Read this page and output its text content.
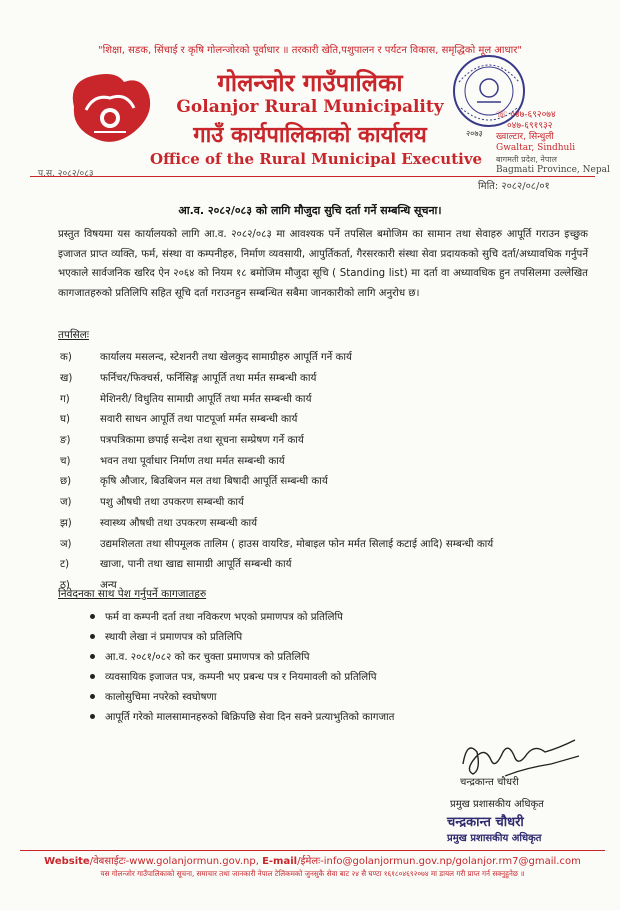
"शिक्षा, सडक, सिंचाई र कृषि गोलन्जोरको पूर्वाधार ॥ तरकारी खेति,पशुपालन र पर्यटन विकास, समृद्धिको मूल आधार"
गोलन्जोर गाउँपालिका
Golanjor Rural Municipality
गाउँ कार्यपालिकाको कार्यालय
Office of the Rural Municipal Executive
२०७३
☏ ०४७-६९२०७४
०४७-६९१९३२
ख्वाल्टार, सिन्धुली
Gwaltar, Sindhuli
बागमती प्रदेश, नेपाल
Bagmati Province, Nepal
प.स. २०८२/०८३
मिति: २०८२/०८/०१
आ.व. २०८२/०८३ को लागि मौजुदा सुचि दर्ता गर्ने सम्बन्धि सूचना।
प्रस्तुत विषयमा यस कार्यालयको लागि आ.व. २०८२/०८३ मा आवश्यक पर्ने तपसिल बमोजिम का सामान तथा सेवाहरु आपूर्ति गराउन इच्छुक इजाजत प्राप्त व्यक्ति, फर्म, संस्था वा कम्पनीहरु, निर्माण व्यवसायी, आपुर्तिकर्ता, गैरसरकारी संस्था सेवा प्रदायकको सुचि दर्ता/अध्यावधिक गर्नुपर्ने भएकाले सार्वजनिक खरिद ऐन २०६४ को नियम १८ बमोजिम मौजुदा सूचि ( Standing list) मा दर्ता वा अध्यावधिक हुन तपसिलमा उल्लेखित कागजातहरुको प्रतिलिपि सहित सूचि दर्ता गराउनहुन सम्बन्धित सबैमा जानकारीको लागि अनुरोध छ।
तपसिलः
क)	कार्यालय मसलन्द, स्टेशनरी तथा खेलकुद सामाग्रीहरु आपूर्ति गर्ने कार्य
ख)	फर्निचर/फिक्चर्स, फर्निसिङ्ग आपूर्ति तथा मर्मत सम्बन्धी कार्य
ग)	मेशिनरी/ विधुतिय सामाग्री आपूर्ति तथा मर्मत सम्बन्धी कार्य
घ)	सवारी साधन आपूर्ति तथा पाटपूर्जा मर्मत सम्बन्धी कार्य
ङ)	पत्रपत्रिकामा छपाई सन्देश तथा सूचना सम्प्रेषण गर्ने कार्य
च)	भवन तथा पूर्वाधार निर्माण तथा मर्मत सम्बन्धी कार्य
छ)	कृषि औजार, बिउबिजन मल तथा बिषादी आपूर्ति सम्बन्धी कार्य
ज)	पशु औषधी तथा उपकरण सम्बन्धी कार्य
झ)	स्वास्थ्य औषधी तथा उपकरण सम्बन्धी कार्य
ञ)	उद्यमशिलता तथा सीपमूलक तालिम ( हाउस वायरिङ, मोबाइल फोन मर्मत सिलाई कटाई आदि) सम्बन्धी कार्य
ट)	खाजा, पानी तथा खाद्य सामाग्री आपूर्ति सम्बन्धी कार्य
ठ)	अन्य
निवेदनका साथ पेश गर्नुपर्ने कागजातहरु
फर्म वा कम्पनी दर्ता तथा नविकरण भएको प्रमाणपत्र को प्रतिलिपि
स्थायी लेखा नं प्रमाणपत्र को प्रतिलिपि
आ.व. २०८१/०८२ को कर चुक्ता प्रमाणपत्र को प्रतिलिपि
व्यवसायिक इजाजत पत्र, कम्पनी भए प्रबन्ध पत्र र नियमावली को प्रतिलिपि
कालोसुचिमा नपरेको स्वघोषणा
आपूर्ति गरेको मालसामानहरुको बिक्रिपछि सेवा दिन सक्ने प्रत्याभुतिको कागजात
चन्द्रकान्त चौधरी
प्रमुख प्रशासकीय अधिकृत
चन्द्रकान्त चौधरी
प्रमुख प्रशासकीय अधिकृत
Website/वेबसाईटः-www.golanjormun.gov.np, E-mail/ईमेलः-info@golanjormun.gov.np/golanjor.rm7@gmail.com
यस गोलन्जोर गाउँपालिकाको सूचना, समाचार तथा जानकारी नेपाल टेलिकमको जुनसुकै सेवा बाट २४ सै घण्टा १६१८०४६९२०७४ मा डायल गरी प्राप्त गर्न सक्नुहुनेछ ॥
